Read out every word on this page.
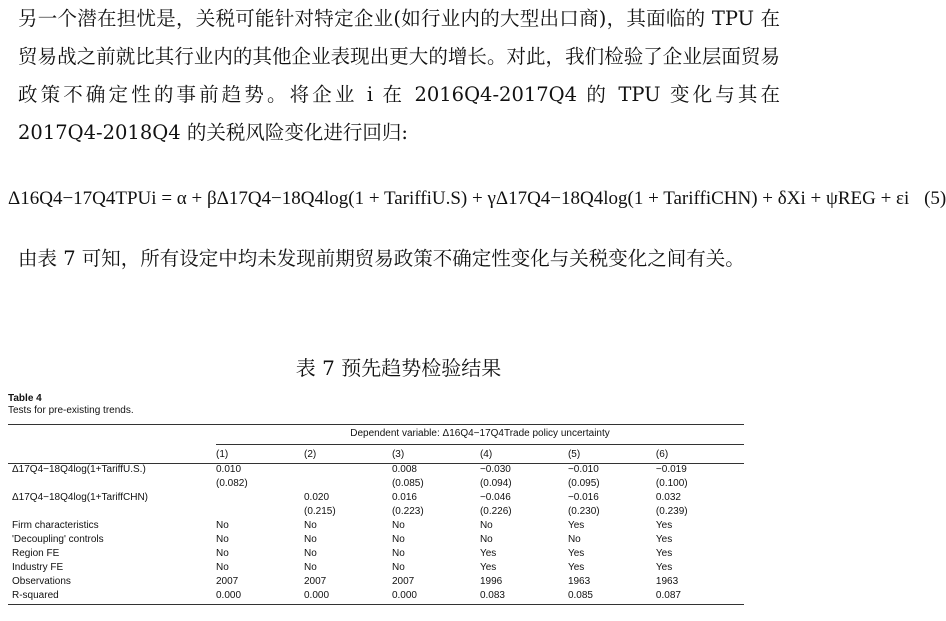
另一个潜在担忧是，关税可能针对特定企业(如行业内的大型出口商)，其面临的 TPU 在贸易战之前就比其行业内的其他企业表现出更大的增长。对此，我们检验了企业层面贸易政策不确定性的事前趋势。将企业 i 在 2016Q4-2017Q4 的 TPU 变化与其在 2017Q4-2018Q4 的关税风险变化进行回归:
Δ16Q4−17Q4TPUi = α + βΔ17Q4−18Q4log(1 + TariffiU.S) + γΔ17Q4−18Q4log(1 + TariffiCHN) + δXi + ψREG + εi (5)
由表 7 可知，所有设定中均未发现前期贸易政策不确定性变化与关税变化之间有关。
表 7 预先趋势检验结果
Table 4
Tests for pre-existing trends.
	Dependent variable: Δ16Q4−17Q4Trade policy uncertainty					
	(1)	(2)	(3)	(4)	(5)	(6)
Δ17Q4−18Q4log(1+TariffU.S.)	0.010		0.008	−0.030	−0.010	−0.019
	(0.082)		(0.085)	(0.094)	(0.095)	(0.100)
Δ17Q4−18Q4log(1+TariffCHN)		0.020	0.016	−0.046	−0.016	0.032
		(0.215)	(0.223)	(0.226)	(0.230)	(0.239)
Firm characteristics	No	No	No	No	Yes	Yes
'Decoupling' controls	No	No	No	No	No	Yes
Region FE	No	No	No	Yes	Yes	Yes
Industry FE	No	No	No	Yes	Yes	Yes
Observations	2007	2007	2007	1996	1963	1963
R-squared	0.000	0.000	0.000	0.083	0.085	0.087
